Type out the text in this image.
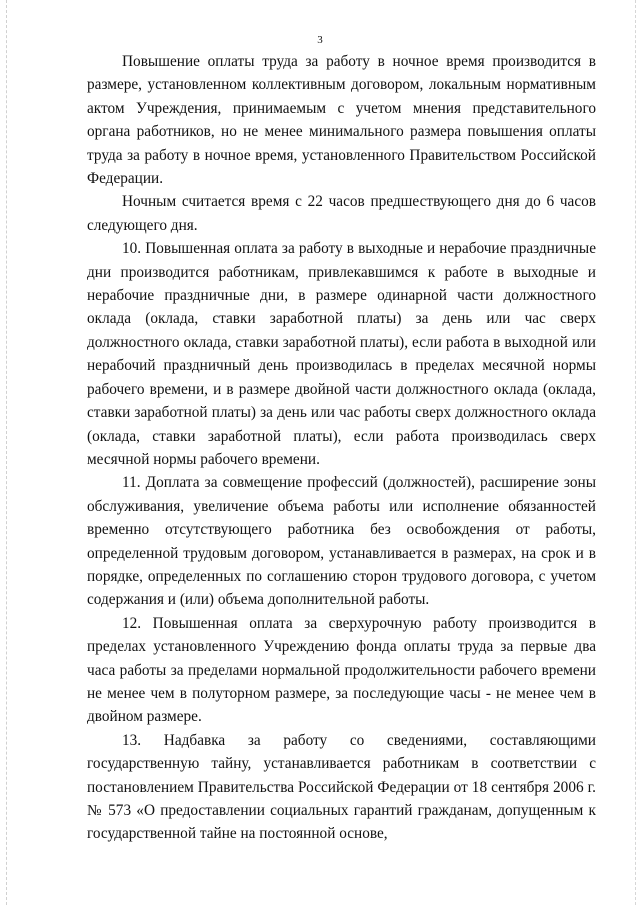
3

Повышение оплаты труда за работу в ночное время производится в размере, установленном коллективным договором, локальным нормативным актом Учреждения, принимаемым с учетом мнения представительного органа работников, но не менее минимального размера повышения оплаты труда за работу в ночное время, установленного Правительством Российской Федерации.

Ночным считается время с 22 часов предшествующего дня до 6 часов следующего дня.

10. Повышенная оплата за работу в выходные и нерабочие праздничные дни производится работникам, привлекавшимся к работе в выходные и нерабочие праздничные дни, в размере одинарной части должностного оклада (оклада, ставки заработной платы) за день или час сверх должностного оклада, ставки заработной платы), если работа в выходной или нерабочий праздничный день производилась в пределах месячной нормы рабочего времени, и в размере двойной части должностного оклада (оклада, ставки заработной платы) за день или час работы сверх должностного оклада (оклада, ставки заработной платы), если работа производилась сверх месячной нормы рабочего времени.

11. Доплата за совмещение профессий (должностей), расширение зоны обслуживания, увеличение объема работы или исполнение обязанностей временно отсутствующего работника без освобождения от работы, определенной трудовым договором, устанавливается в размерах, на срок и в порядке, определенных по соглашению сторон трудового договора, с учетом содержания и (или) объема дополнительной работы.

12. Повышенная оплата за сверхурочную работу производится в пределах установленного Учреждению фонда оплаты труда за первые два часа работы за пределами нормальной продолжительности рабочего времени не менее чем в полуторном размере, за последующие часы - не менее чем в двойном размере.

13. Надбавка за работу со сведениями, составляющими государственную тайну, устанавливается работникам в соответствии с постановлением Правительства Российской Федерации от 18 сентября 2006 г. № 573 «О предоставлении социальных гарантий гражданам, допущенным к государственной тайне на постоянной основе,
